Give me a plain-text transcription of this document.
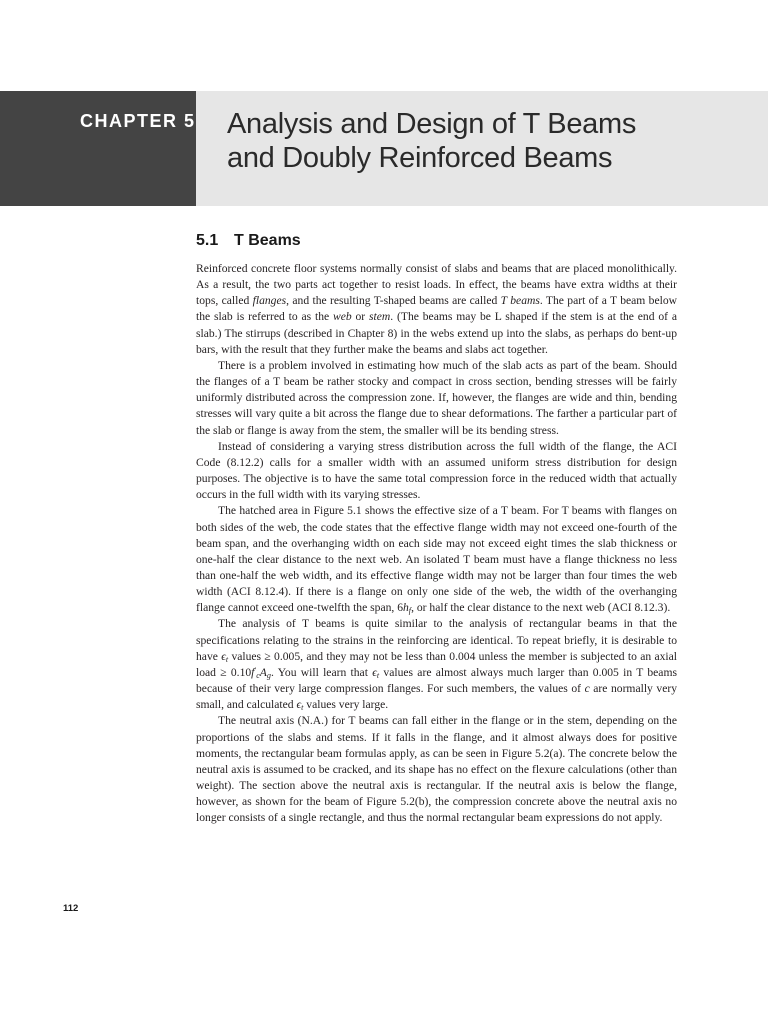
CHAPTER 5 Analysis and Design of T Beams
and Doubly Reinforced Beams
5.1 T Beams

Reinforced concrete floor systems normally consist of slabs and beams that are placed monolithically. As a result, the two parts act together to resist loads. In effect, the beams have extra widths at their tops, called flanges, and the resulting T-shaped beams are called T beams. The part of a T beam below the slab is referred to as the web or stem. (The beams may be L shaped if the stem is at the end of a slab.) The stirrups (described in Chapter 8) in the webs extend up into the slabs, as perhaps do bent-up bars, with the result that they further make the beams and slabs act together.

There is a problem involved in estimating how much of the slab acts as part of the beam. Should the flanges of a T beam be rather stocky and compact in cross section, bending stresses will be fairly uniformly distributed across the compression zone. If, however, the flanges are wide and thin, bending stresses will vary quite a bit across the flange due to shear deformations. The farther a particular part of the slab or flange is away from the stem, the smaller will be its bending stress.

Instead of considering a varying stress distribution across the full width of the flange, the ACI Code (8.12.2) calls for a smaller width with an assumed uniform stress distribution for design purposes. The objective is to have the same total compression force in the reduced width that actually occurs in the full width with its varying stresses.

The hatched area in Figure 5.1 shows the effective size of a T beam. For T beams with flanges on both sides of the web, the code states that the effective flange width may not exceed one-fourth of the beam span, and the overhanging width on each side may not exceed eight times the slab thickness or one-half the clear distance to the next web. An isolated T beam must have a flange thickness no less than one-half the web width, and its effective flange width may not be larger than four times the web width (ACI 8.12.4). If there is a flange on only one side of the web, the width of the overhanging flange cannot exceed one-twelfth the span, $6h_f$, or half the clear distance to the next web (ACI 8.12.3).

The analysis of T beams is quite similar to the analysis of rectangular beams in that the specifications relating to the strains in the reinforcing are identical. To repeat briefly, it is desirable to have $\epsilon_t$ values ≥ 0.005, and they may not be less than 0.004 unless the member is subjected to an axial load ≥ $0.10f'_cA_g$. You will learn that $\epsilon_t$ values are almost always much larger than 0.005 in T beams because of their very large compression flanges. For such members, the values of c are normally very small, and calculated $\epsilon_t$ values very large.

The neutral axis (N.A.) for T beams can fall either in the flange or in the stem, depending on the proportions of the slabs and stems. If it falls in the flange, and it almost always does for positive moments, the rectangular beam formulas apply, as can be seen in Figure 5.2(a). The concrete below the neutral axis is assumed to be cracked, and its shape has no effect on the flexure calculations (other than weight). The section above the neutral axis is rectangular. If the neutral axis is below the flange, however, as shown for the beam of Figure 5.2(b), the compression concrete above the neutral axis no longer consists of a single rectangle, and thus the normal rectangular beam expressions do not apply.

112
